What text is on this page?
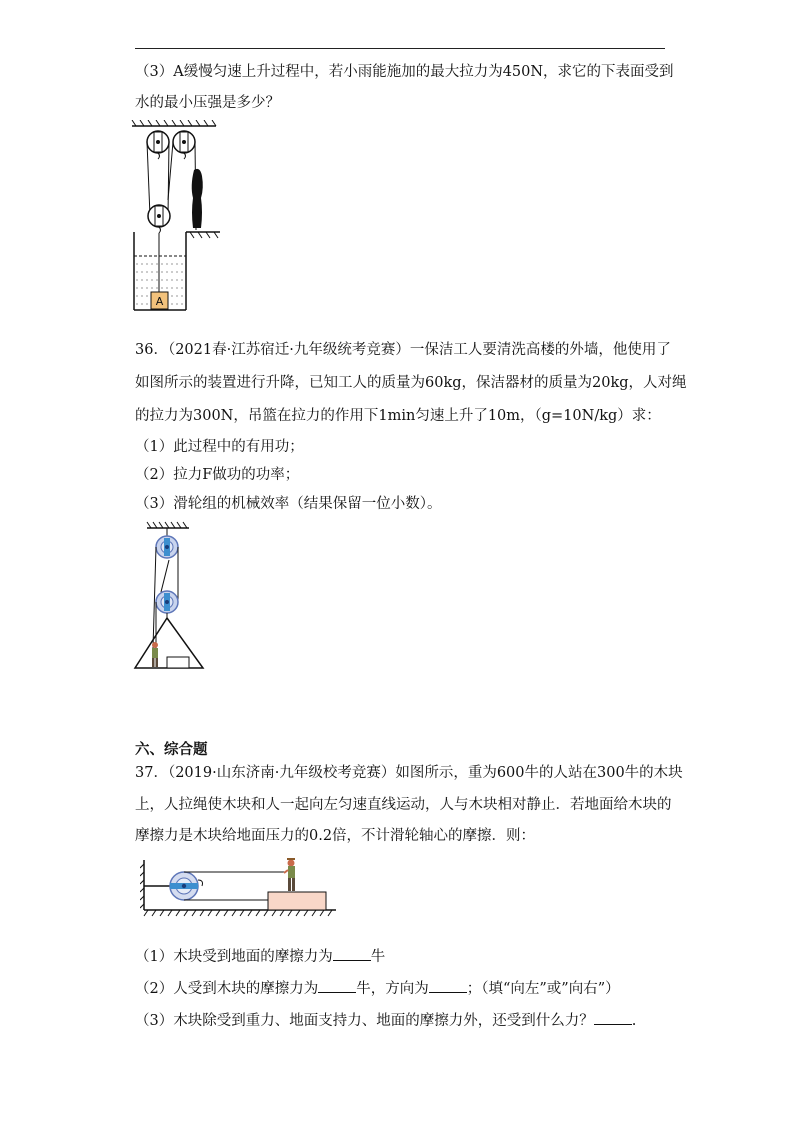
（3）A缓慢匀速上升过程中，若小雨能施加的最大拉力为450N，求它的下表面受到
水的最小压强是多少？
A
36．（2021春·江苏宿迁·九年级统考竞赛）一保洁工人要清洗高楼的外墙，他使用了
如图所示的装置进行升降，已知工人的质量为60kg，保洁器材的质量为20kg，人对绳
的拉力为300N，吊篮在拉力的作用下1min匀速上升了10m，（g=10N/kg）求：
（1）此过程中的有用功；
（2）拉力F做功的功率；
（3）滑轮组的机械效率（结果保留一位小数）。
六、综合题
37．（2019·山东济南·九年级校考竞赛）如图所示，重为600牛的人站在300牛的木块
上，人拉绳使木块和人一起向左匀速直线运动，人与木块相对静止．若地面给木块的
摩擦力是木块给地面压力的0.2倍，不计滑轮轴心的摩擦．则：
（1）木块受到地面的摩擦力为	牛
（2）人受到木块的摩擦力为	牛，方向为	；（填“向左”或”向右”）
（3）木块除受到重力、地面支持力、地面的摩擦力外，还受到什么力？	.
